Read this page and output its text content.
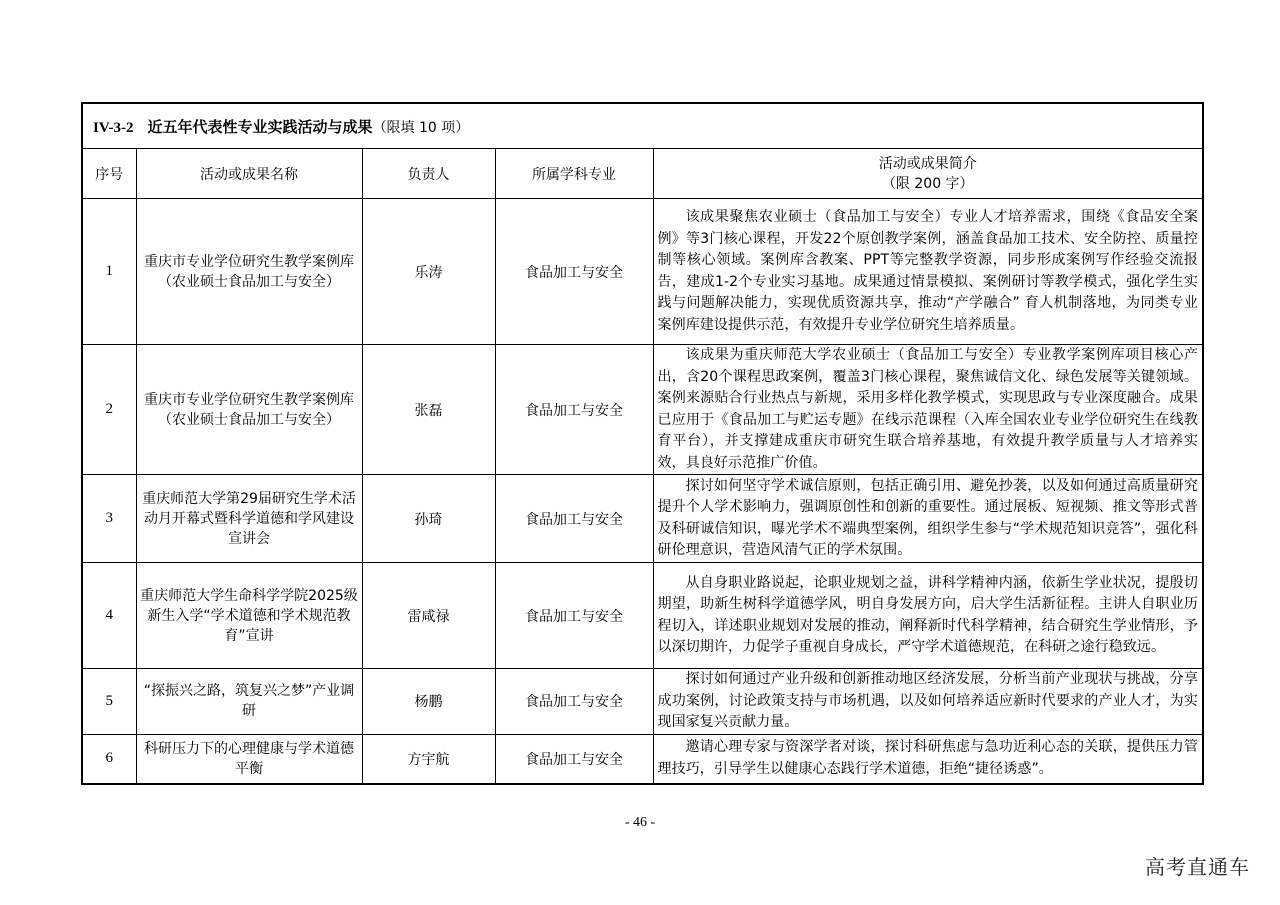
IV-3-2 近五年代表性专业实践活动与成果（限填 10 项）				
序号	活动或成果名称	负责人	所属学科专业	活动或成果简介
（限 200 字）

1	重庆市专业学位研究生教学案例库（农业硕士食品加工与安全）	乐涛	食品加工与安全	该成果聚焦农业硕士（食品加工与安全）专业人才培养需求，围绕《食品安全案例》等3门核心课程，开发22个原创教学案例，涵盖食品加工技术、安全防控、质量控制等核心领域。案例库含教案、PPT等完整教学资源，同步形成案例写作经验交流报告，建成1-2个专业实习基地。成果通过情景模拟、案例研讨等教学模式，强化学生实践与问题解决能力，实现优质资源共享，推动“产学融合” 育人机制落地，为同类专业案例库建设提供示范，有效提升专业学位研究生培养质量。
2	重庆市专业学位研究生教学案例库（农业硕士食品加工与安全）	张磊	食品加工与安全	该成果为重庆师范大学农业硕士（食品加工与安全）专业教学案例库项目核心产出，含20个课程思政案例，覆盖3门核心课程，聚焦诚信文化、绿色发展等关键领域。案例来源贴合行业热点与新规，采用多样化教学模式，实现思政与专业深度融合。成果已应用于《食品加工与贮运专题》在线示范课程（入库全国农业专业学位研究生在线教育平台），并支撑建成重庆市研究生联合培养基地，有效提升教学质量与人才培养实效，具良好示范推广价值。
3	重庆师范大学第29届研究生学术活动月开幕式暨科学道德和学风建设宣讲会	孙琦	食品加工与安全	探讨如何坚守学术诚信原则，包括正确引用、避免抄袭，以及如何通过高质量研究提升个人学术影响力，强调原创性和创新的重要性。通过展板、短视频、推文等形式普及科研诚信知识，曝光学术不端典型案例，组织学生参与“学术规范知识竞答”，强化科研伦理意识，营造风清气正的学术氛围。
4	重庆师范大学生命科学学院2025级新生入学“学术道德和学术规范教育”宣讲	雷咸禄	食品加工与安全	从自身职业路说起，论职业规划之益，讲科学精神内涵，依新生学业状况，提殷切期望，助新生树科学道德学风，明自身发展方向，启大学生活新征程。主讲人自职业历程切入，详述职业规划对发展的推动，阐释新时代科学精神，结合研究生学业情形，予以深切期许，力促学子重视自身成长，严守学术道德规范，在科研之途行稳致远。
5	“探振兴之路，筑复兴之梦”产业调研	杨鹏	食品加工与安全	探讨如何通过产业升级和创新推动地区经济发展，分析当前产业现状与挑战，分享成功案例，讨论政策支持与市场机遇，以及如何培养适应新时代要求的产业人才，为实现国家复兴贡献力量。
6	科研压力下的心理健康与学术道德平衡	方宇航	食品加工与安全	邀请心理专家与资深学者对谈，探讨科研焦虑与急功近利心态的关联，提供压力管理技巧，引导学生以健康心态践行学术道德，拒绝“捷径诱惑”。
- 46 -
高考直通车
